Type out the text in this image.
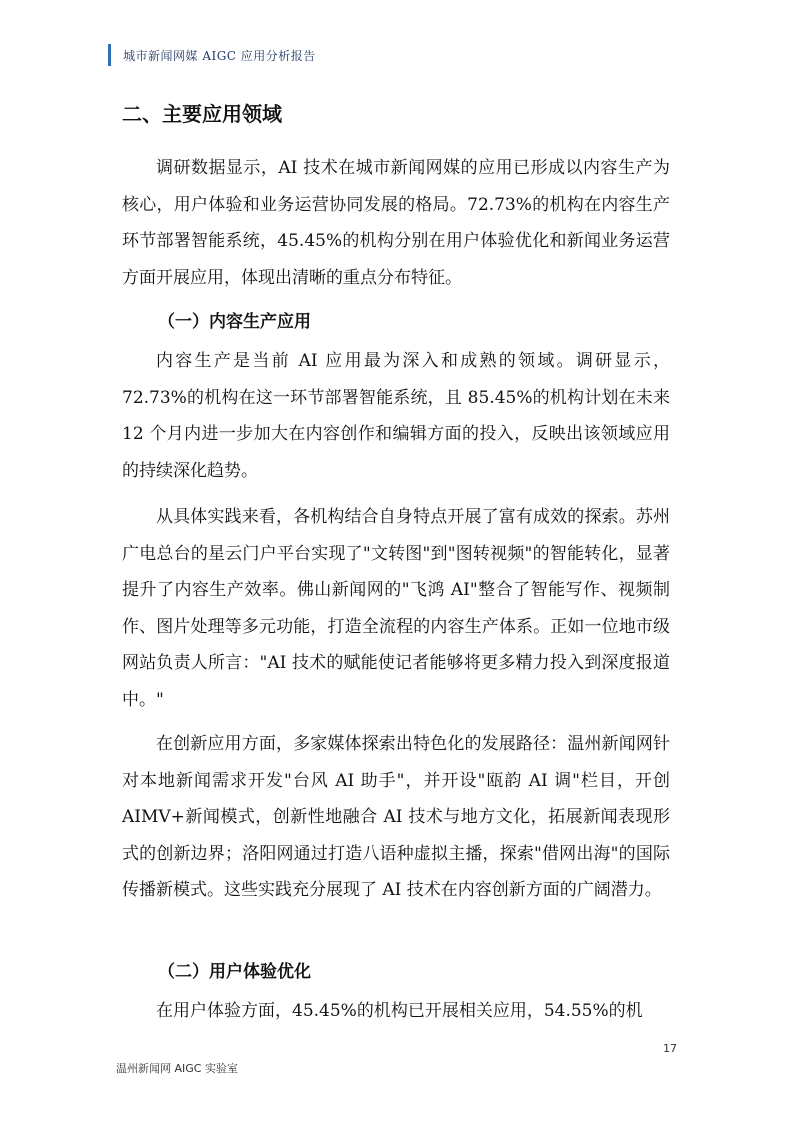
城市新闻网媒 AIGC 应用分析报告
二、主要应用领域

调研数据显示，AI 技术在城市新闻网媒的应用已形成以内容生产为核心，用户体验和业务运营协同发展的格局。72.73%的机构在内容生产环节部署智能系统，45.45%的机构分别在用户体验优化和新闻业务运营方面开展应用，体现出清晰的重点分布特征。

（一）内容生产应用

内容生产是当前 AI 应用最为深入和成熟的领域。调研显示，72.73%的机构在这一环节部署智能系统，且 85.45%的机构计划在未来 12 个月内进一步加大在内容创作和编辑方面的投入，反映出该领域应用的持续深化趋势。

从具体实践来看，各机构结合自身特点开展了富有成效的探索。苏州广电总台的星云门户平台实现了"文转图"到"图转视频"的智能转化，显著提升了内容生产效率。佛山新闻网的"飞鸿 AI"整合了智能写作、视频制作、图片处理等多元功能，打造全流程的内容生产体系。正如一位地市级网站负责人所言："AI 技术的赋能使记者能够将更多精力投入到深度报道中。"

在创新应用方面，多家媒体探索出特色化的发展路径：温州新闻网针对本地新闻需求开发"台风 AI 助手"，并开设"瓯韵 AI 调"栏目，开创 AIMV+新闻模式，创新性地融合 AI 技术与地方文化，拓展新闻表现形式的创新边界；洛阳网通过打造八语种虚拟主播，探索"借网出海"的国际传播新模式。这些实践充分展现了 AI 技术在内容创新方面的广阔潜力。

（二）用户体验优化

在用户体验方面，45.45%的机构已开展相关应用，54.55%的机

17
温州新闻网 AIGC 实验室
